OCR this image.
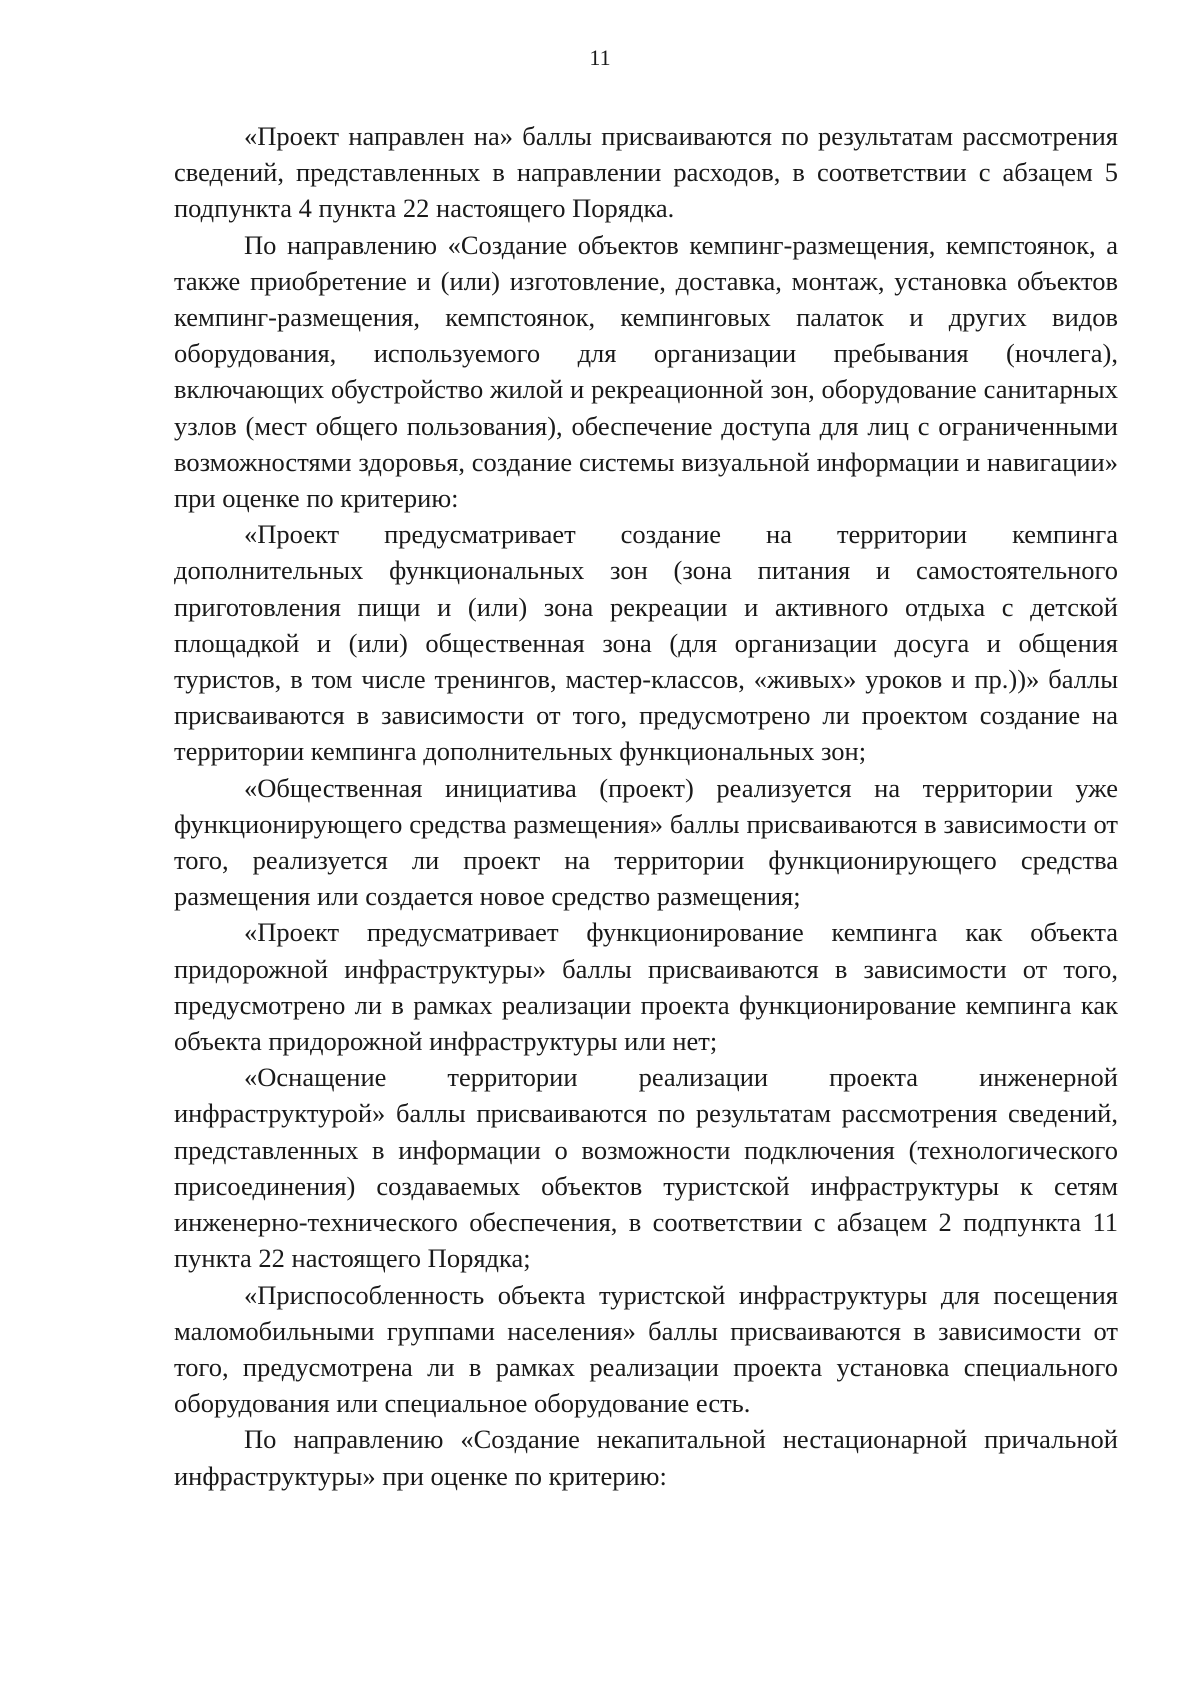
11

«Проект направлен на» баллы присваиваются по результатам рассмотрения сведений, представленных в направлении расходов, в соответствии с абзацем 5 подпункта 4 пункта 22 настоящего Порядка.

По направлению «Создание объектов кемпинг-размещения, кемпстоянок, а также приобретение и (или) изготовление, доставка, монтаж, установка объектов кемпинг-размещения, кемпстоянок, кемпинговых палаток и других видов оборудования, используемого для организации пребывания (ночлега), включающих обустройство жилой и рекреационной зон, оборудование санитарных узлов (мест общего пользования), обеспечение доступа для лиц с ограниченными возможностями здоровья, создание системы визуальной информации и навигации» при оценке по критерию:

«Проект предусматривает создание на территории кемпинга дополнительных функциональных зон (зона питания и самостоятельного приготовления пищи и (или) зона рекреации и активного отдыха с детской площадкой и (или) общественная зона (для организации досуга и общения туристов, в том числе тренингов, мастер-классов, «живых» уроков и пр.))» баллы присваиваются в зависимости от того, предусмотрено ли проектом создание на территории кемпинга дополнительных функциональных зон;

«Общественная инициатива (проект) реализуется на территории уже функционирующего средства размещения» баллы присваиваются в зависимости от того, реализуется ли проект на территории функционирующего средства размещения или создается новое средство размещения;

«Проект предусматривает функционирование кемпинга как объекта придорожной инфраструктуры» баллы присваиваются в зависимости от того, предусмотрено ли в рамках реализации проекта функционирование кемпинга как объекта придорожной инфраструктуры или нет;

«Оснащение территории реализации проекта инженерной инфраструктурой» баллы присваиваются по результатам рассмотрения сведений, представленных в информации о возможности подключения (технологического присоединения) создаваемых объектов туристской инфраструктуры к сетям инженерно-технического обеспечения, в соответствии с абзацем 2 подпункта 11 пункта 22 настоящего Порядка;

«Приспособленность объекта туристской инфраструктуры для посещения маломобильными группами населения» баллы присваиваются в зависимости от того, предусмотрена ли в рамках реализации проекта установка специального оборудования или специальное оборудование есть.

По направлению «Создание некапитальной нестационарной причальной инфраструктуры» при оценке по критерию:
